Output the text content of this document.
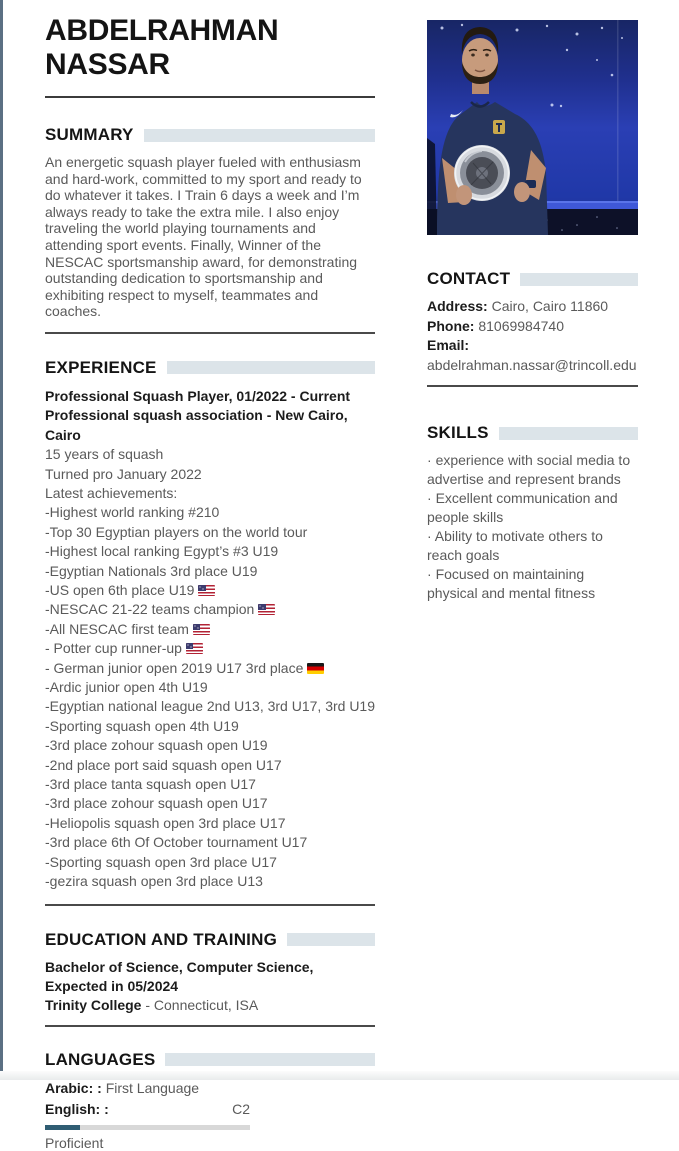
ABDELRAHMAN NASSAR
SUMMARY

An energetic squash player fueled with enthusiasm and hard-work, committed to my sport and ready to do whatever it takes. I Train 6 days a week and I’m always ready to take the extra mile. I also enjoy traveling the world playing tournaments and attending sport events. Finally, Winner of the NESCAC sportsmanship award, for demonstrating outstanding dedication to sportsmanship and exhibiting respect to myself, teammates and coaches.

EXPERIENCE
Professional Squash Player, 01/2022 - Current
Professional squash association - New Cairo, Cairo
15 years of squash
Turned pro January 2022
Latest achievements:
-Highest world ranking #210
-Top 30 Egyptian players on the world tour
-Highest local ranking Egypt’s #3 U19
-Egyptian Nationals 3rd place U19
-US open 6th place U19
-NESCAC 21-22 teams champion
-All NESCAC first team
- Potter cup runner-up
- German junior open 2019 U17 3rd place
-Ardic junior open 4th U19
-Egyptian national league 2nd U13, 3rd U17, 3rd U19
-Sporting squash open 4th U19
-3rd place zohour squash open U19
-2nd place port said squash open U17
-3rd place tanta squash open U17
-3rd place zohour squash open U17
-Heliopolis squash open 3rd place U17
-3rd place 6th Of October tournament U17
-Sporting squash open 3rd place U17
-gezira squash open 3rd place U13
EDUCATION AND TRAINING
Bachelor of Science, Computer Science, Expected in 05/2024
Trinity College - Connecticut, ISA
LANGUAGES
Arabic: : First Language
English: :	C2
Proficient
CONTACT
Address: Cairo, Cairo 11860
Phone: 81069984740
Email:
abdelrahman.nassar@trincoll.edu
SKILLS
· experience with social media to advertise and represent brands
· Excellent communication and people skills
· Ability to motivate others to reach goals
· Focused on maintaining physical and mental fitness
